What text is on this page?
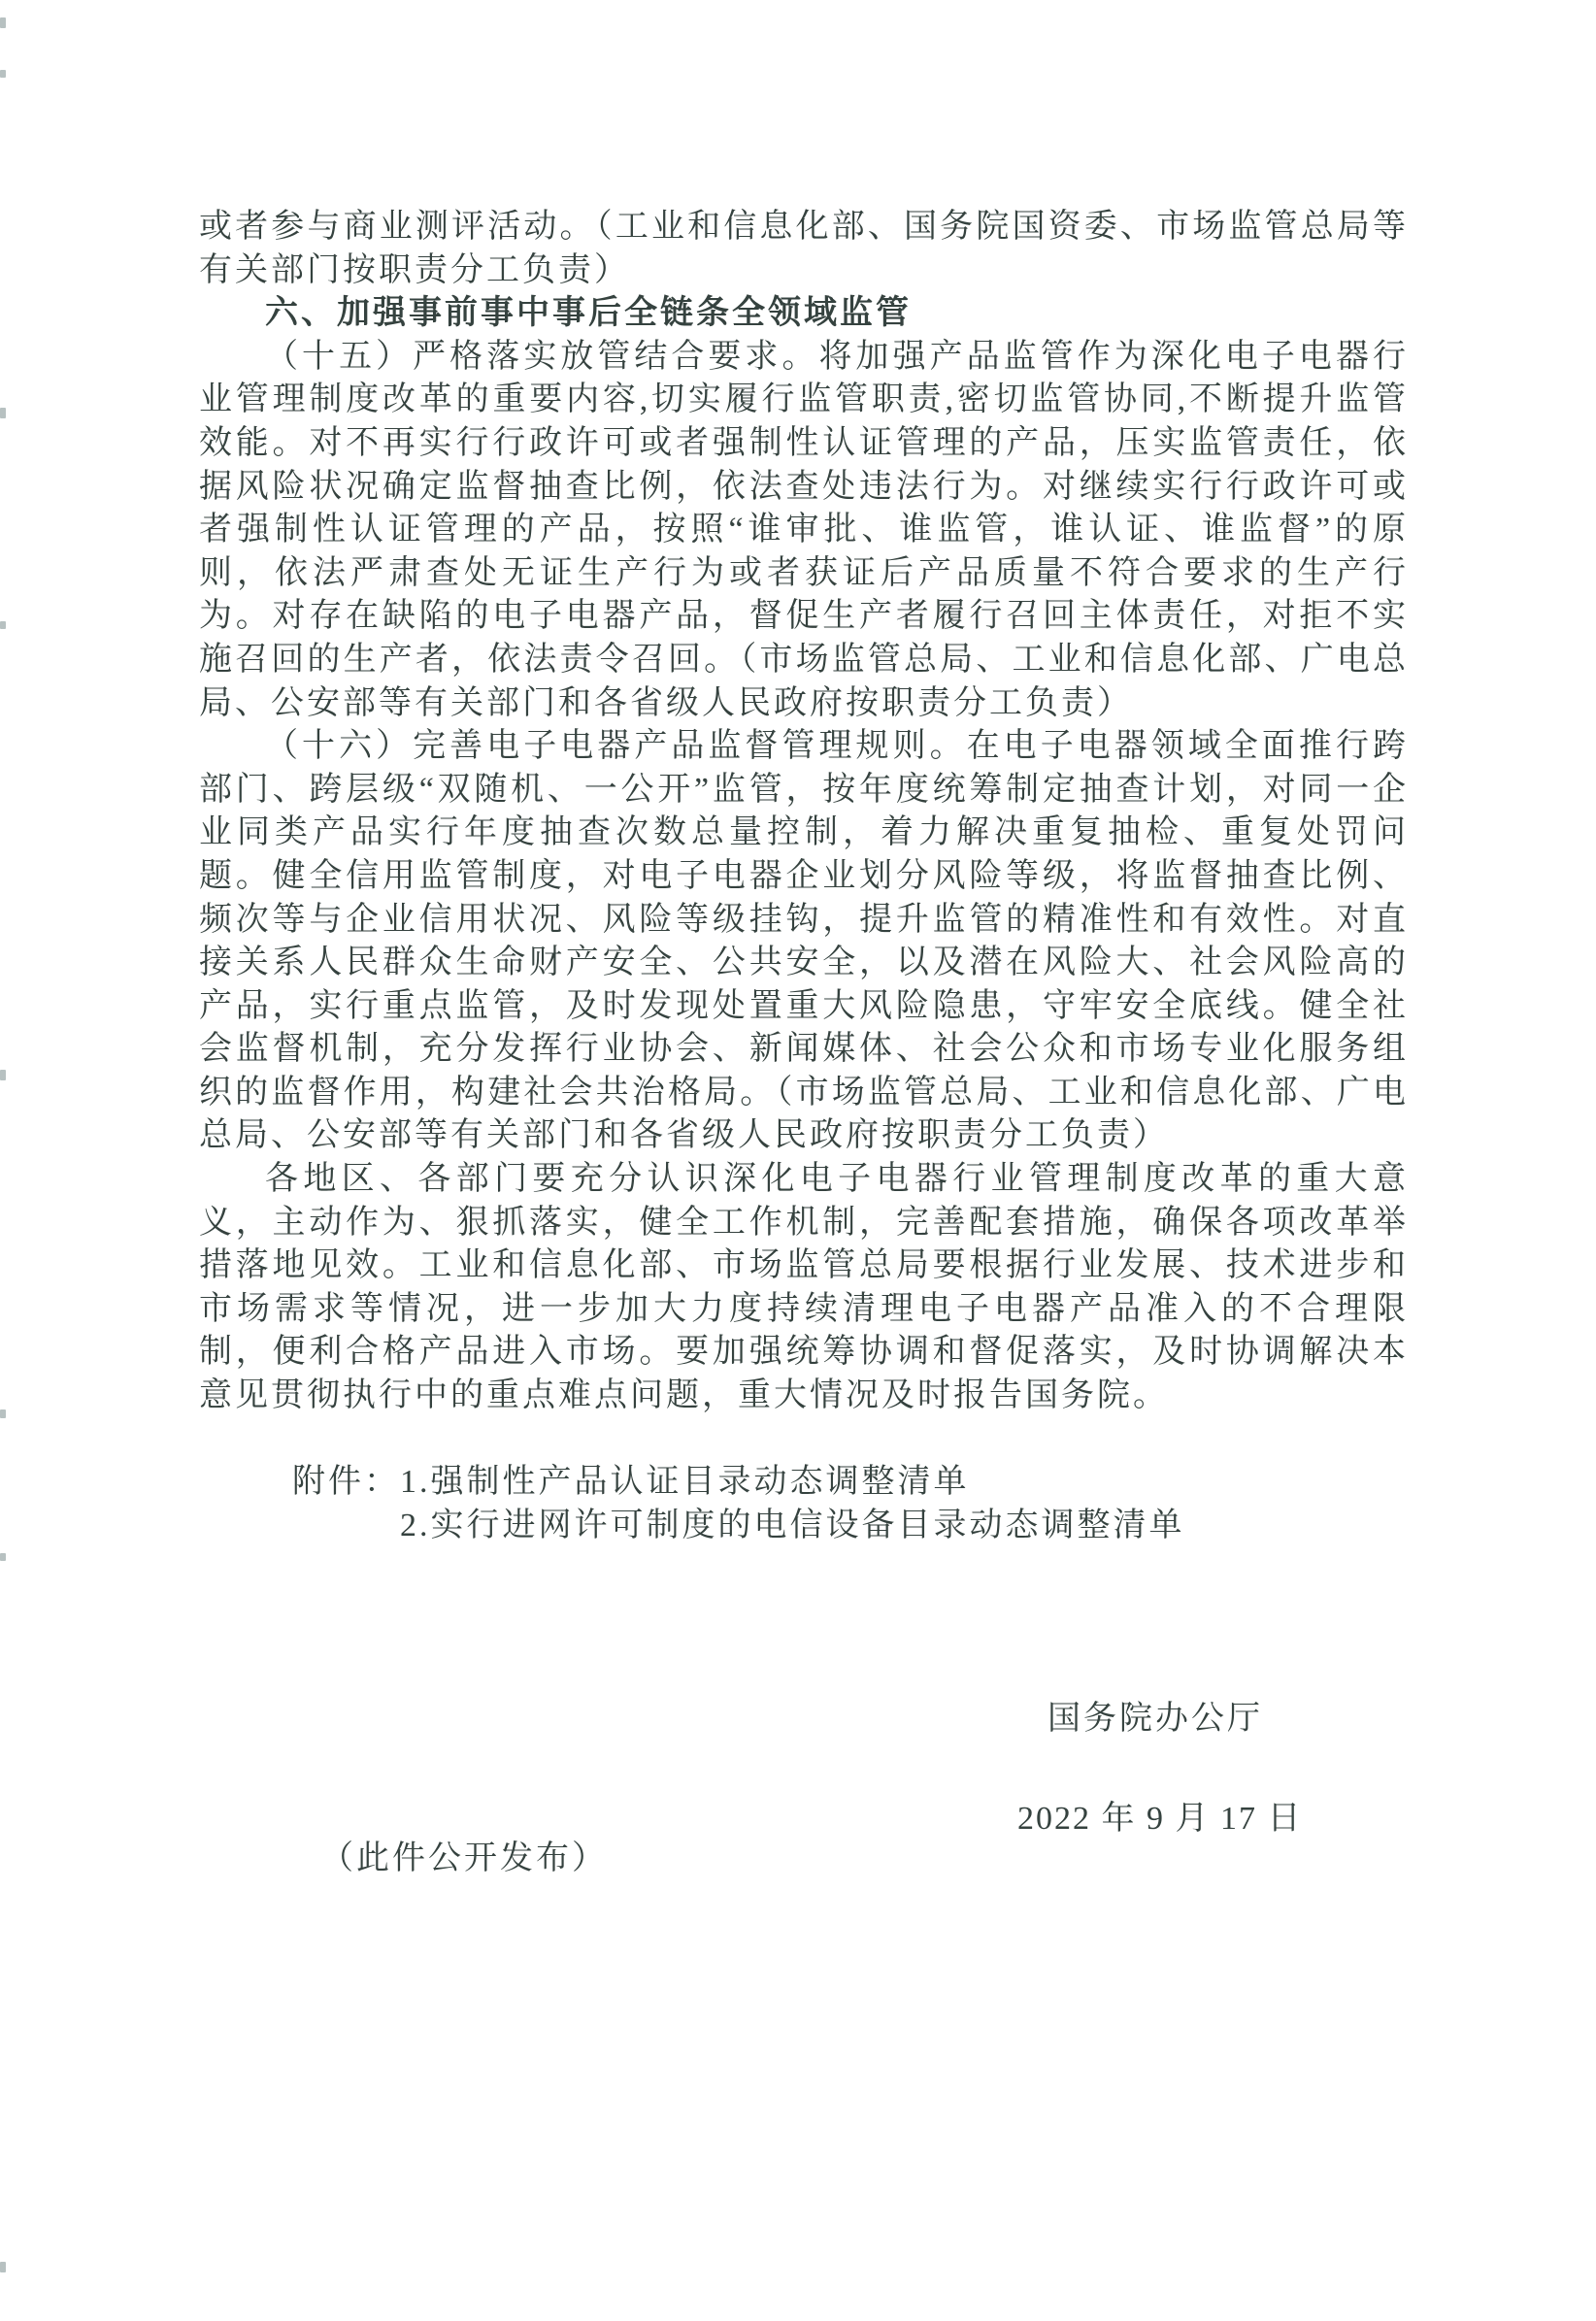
或者参与商业测评活动。（工业和信息化部、国务院国资委、市场监管总局等有关部门按职责分工负责）

六、加强事前事中事后全链条全领域监管

（十五）严格落实放管结合要求。将加强产品监管作为深化电子电器行业管理制度改革的重要内容,切实履行监管职责,密切监管协同,不断提升监管效能。对不再实行行政许可或者强制性认证管理的产品，压实监管责任，依据风险状况确定监督抽查比例，依法查处违法行为。对继续实行行政许可或者强制性认证管理的产品，按照“谁审批、谁监管，谁认证、谁监督”的原则，依法严肃查处无证生产行为或者获证后产品质量不符合要求的生产行为。对存在缺陷的电子电器产品，督促生产者履行召回主体责任，对拒不实施召回的生产者，依法责令召回。（市场监管总局、工业和信息化部、广电总局、公安部等有关部门和各省级人民政府按职责分工负责）

（十六）完善电子电器产品监督管理规则。在电子电器领域全面推行跨部门、跨层级“双随机、一公开”监管，按年度统筹制定抽查计划，对同一企业同类产品实行年度抽查次数总量控制，着力解决重复抽检、重复处罚问题。健全信用监管制度，对电子电器企业划分风险等级，将监督抽查比例、频次等与企业信用状况、风险等级挂钩，提升监管的精准性和有效性。对直接关系人民群众生命财产安全、公共安全，以及潜在风险大、社会风险高的产品，实行重点监管，及时发现处置重大风险隐患，守牢安全底线。健全社会监督机制，充分发挥行业协会、新闻媒体、社会公众和市场专业化服务组织的监督作用，构建社会共治格局。（市场监管总局、工业和信息化部、广电总局、公安部等有关部门和各省级人民政府按职责分工负责）

各地区、各部门要充分认识深化电子电器行业管理制度改革的重大意义，主动作为、狠抓落实，健全工作机制，完善配套措施，确保各项改革举措落地见效。工业和信息化部、市场监管总局要根据行业发展、技术进步和市场需求等情况，进一步加大力度持续清理电子电器产品准入的不合理限制，便利合格产品进入市场。要加强统筹协调和督促落实，及时协调解决本意见贯彻执行中的重点难点问题，重大情况及时报告国务院。

附件： 1.强制性产品认证目录动态调整清单
2.实行进网许可制度的电信设备目录动态调整清单
国务院办公厅
2022 年 9 月 17 日
（此件公开发布）
